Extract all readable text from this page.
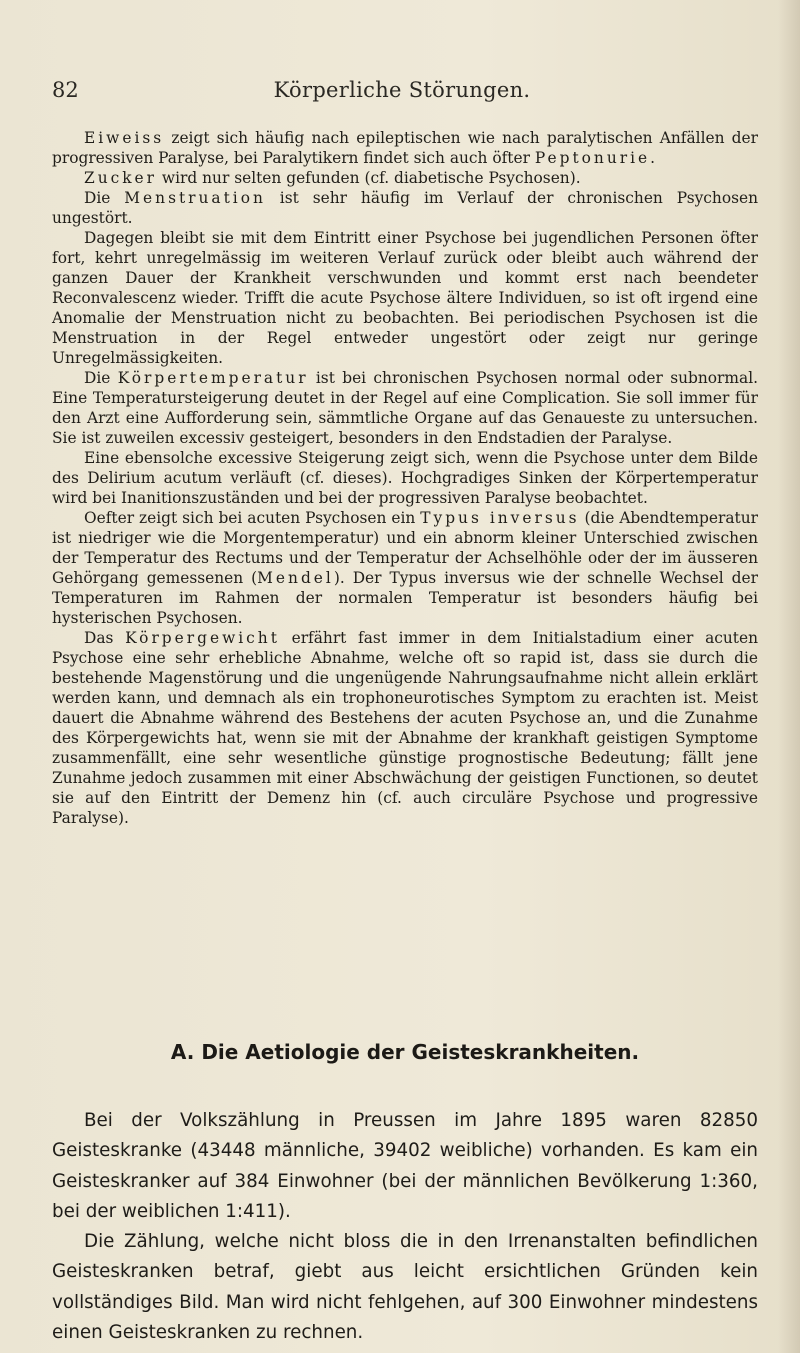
82	Körperliche Störungen.

Eiweiss zeigt sich häufig nach epileptischen wie nach paralytischen Anfällen der progressiven Paralyse, bei Paralytikern findet sich auch öfter Peptonurie.

Zucker wird nur selten gefunden (cf. diabetische Psychosen).

Die Menstruation ist sehr häufig im Verlauf der chronischen Psychosen ungestört.

Dagegen bleibt sie mit dem Eintritt einer Psychose bei jugendlichen Personen öfter fort, kehrt unregelmässig im weiteren Verlauf zurück oder bleibt auch während der ganzen Dauer der Krankheit verschwunden und kommt erst nach beendeter Reconvalescenz wieder. Trifft die acute Psychose ältere Individuen, so ist oft irgend eine Anomalie der Menstruation nicht zu beobachten. Bei periodischen Psychosen ist die Menstruation in der Regel entweder ungestört oder zeigt nur geringe Unregelmässigkeiten.

Die Körpertemperatur ist bei chronischen Psychosen normal oder subnormal. Eine Temperatursteigerung deutet in der Regel auf eine Complication. Sie soll immer für den Arzt eine Aufforderung sein, sämmtliche Organe auf das Genaueste zu untersuchen. Sie ist zuweilen excessiv gesteigert, besonders in den Endstadien der Paralyse.

Eine ebensolche excessive Steigerung zeigt sich, wenn die Psychose unter dem Bilde des Delirium acutum verläuft (cf. dieses). Hochgradiges Sinken der Körpertemperatur wird bei Inanitionszuständen und bei der progressiven Paralyse beobachtet.

Oefter zeigt sich bei acuten Psychosen ein Typus inversus (die Abendtemperatur ist niedriger wie die Morgentemperatur) und ein abnorm kleiner Unterschied zwischen der Temperatur des Rectums und der Temperatur der Achselhöhle oder der im äusseren Gehörgang gemessenen (Mendel). Der Typus inversus wie der schnelle Wechsel der Temperaturen im Rahmen der normalen Temperatur ist besonders häufig bei hysterischen Psychosen.

Das Körpergewicht erfährt fast immer in dem Initialstadium einer acuten Psychose eine sehr erhebliche Abnahme, welche oft so rapid ist, dass sie durch die bestehende Magenstörung und die ungenügende Nahrungsaufnahme nicht allein erklärt werden kann, und demnach als ein trophoneurotisches Symptom zu erachten ist. Meist dauert die Abnahme während des Bestehens der acuten Psychose an, und die Zunahme des Körpergewichts hat, wenn sie mit der Abnahme der krankhaft geistigen Symptome zusammenfällt, eine sehr wesentliche günstige prognostische Bedeutung; fällt jene Zunahme jedoch zusammen mit einer Abschwächung der geistigen Functionen, so deutet sie auf den Eintritt der Demenz hin (cf. auch circuläre Psychose und progressive Paralyse).

A. Die Aetiologie der Geisteskrankheiten.

Bei der Volkszählung in Preussen im Jahre 1895 waren 82850 Geisteskranke (43448 männliche, 39402 weibliche) vorhanden. Es kam ein Geisteskranker auf 384 Einwohner (bei der männlichen Bevölkerung 1:360, bei der weiblichen 1:411).

Die Zählung, welche nicht bloss die in den Irrenanstalten befindlichen Geisteskranken betraf, giebt aus leicht ersichtlichen Gründen kein vollständiges Bild. Man wird nicht fehlgehen, auf 300 Einwohner mindestens einen Geisteskranken zu rechnen.
